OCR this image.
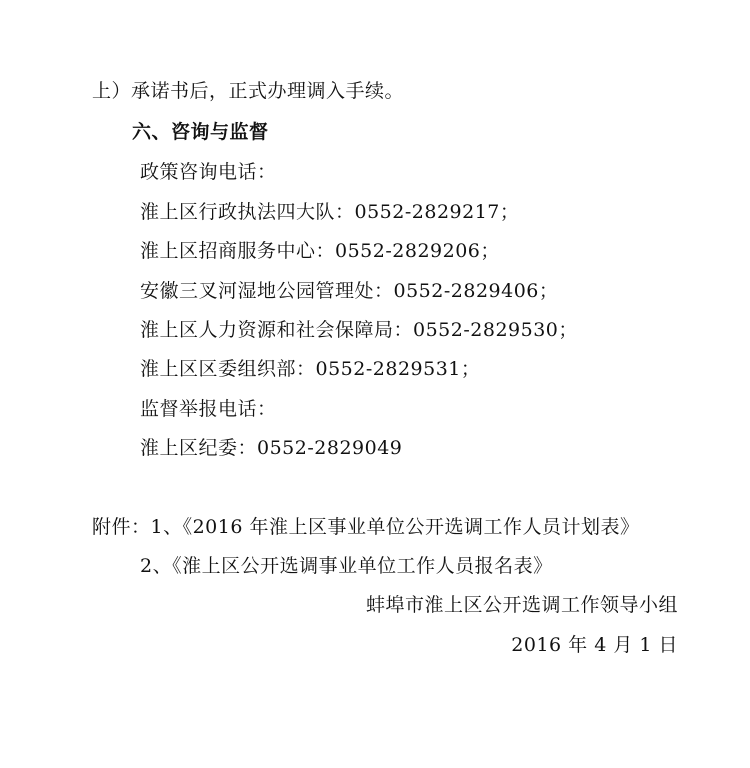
上）承诺书后，正式办理调入手续。
六、咨询与监督
政策咨询电话：
淮上区行政执法四大队：0552-2829217；
淮上区招商服务中心：0552-2829206；
安徽三叉河湿地公园管理处：0552-2829406；
淮上区人力资源和社会保障局：0552-2829530；
淮上区区委组织部：0552-2829531；
监督举报电话：
淮上区纪委：0552-2829049
附件：1、《2016 年淮上区事业单位公开选调工作人员计划表》
2、《淮上区公开选调事业单位工作人员报名表》
蚌埠市淮上区公开选调工作领导小组
2016 年 4 月 1 日
